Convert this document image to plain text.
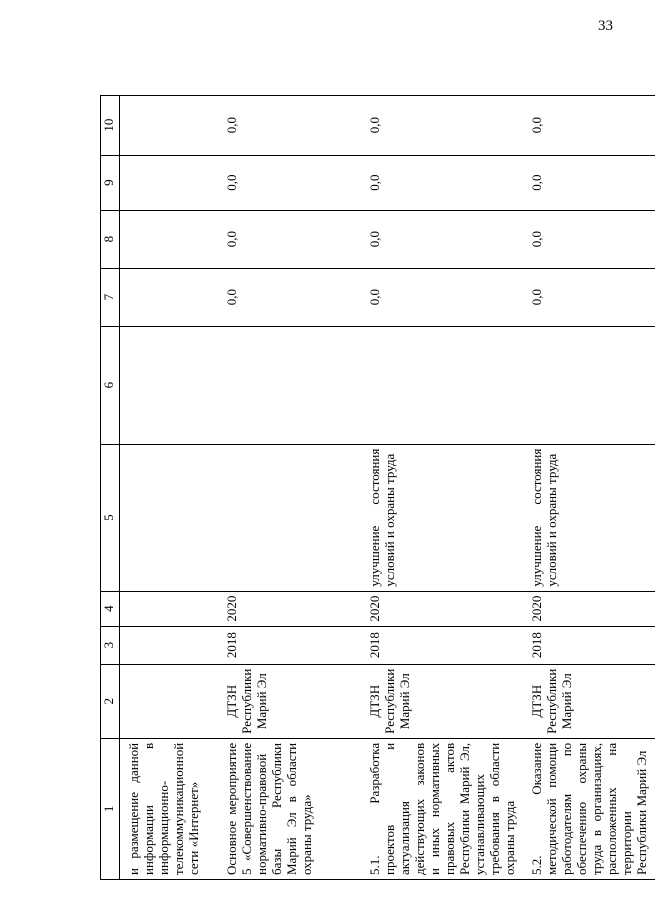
33
1	2	3	4	5	6	7	8	9	10
и размещение данной информации в информационно-телекоммуникационной сети «Интернет»									
Основное мероприятие 5 «Совершенствование нормативно-правовой базы Республики Марий Эл в области охраны труда»	ДТЗН Республики Марий Эл	2018	2020			0,0	0,0	0,0	0,0
5.1. Разработка проектов и актуализация действующих законов и иных нормативных правовых актов Республики Марий Эл, устанавливающих требования в области охраны труда	ДТЗН Республики Марий Эл	2018	2020	улучшение состояния условий и охраны труда		0,0	0,0	0,0	0,0
5.2. Оказание методической помощи работодателям по обеспечению охраны труда в организациях, расположенных на территории Республики Марий Эл	ДТЗН Республики Марий Эл	2018	2020	улучшение состояния условий и охраны труда		0,0	0,0	0,0	0,0
